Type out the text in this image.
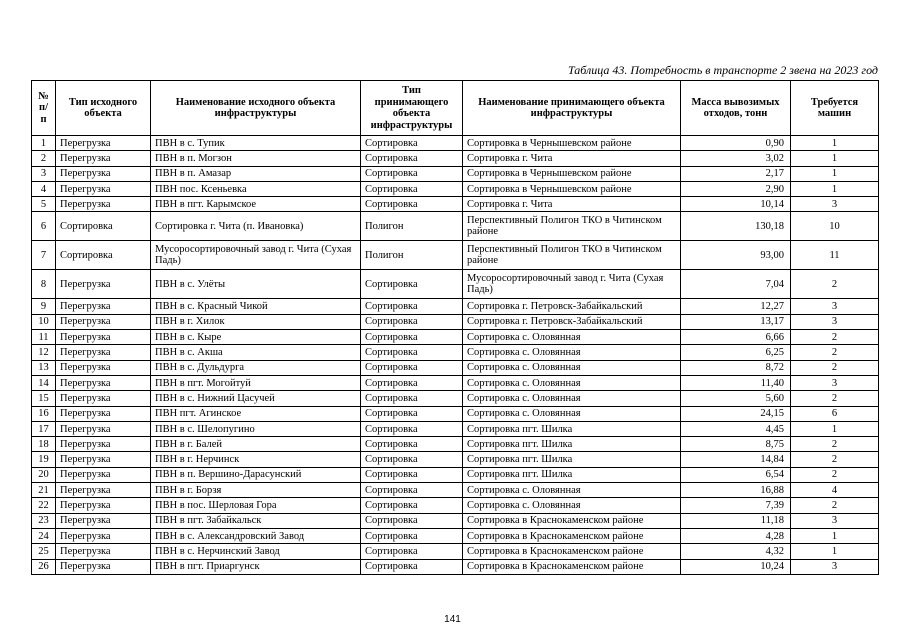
Таблица 43. Потребность в транспорте 2 звена на 2023 год
№ п/п	Тип исходного объекта	Наименование исходного объекта инфраструктуры	Тип принимающего объекта инфраструктуры	Наименование принимающего объекта инфраструктуры	Масса вывозимых отходов, тонн	Требуется машин
1	Перегрузка	ПВН в с. Тупик	Сортировка	Сортировка в Чернышевском районе	0,90	1
2	Перегрузка	ПВН в п. Могзон	Сортировка	Сортировка г. Чита	3,02	1
3	Перегрузка	ПВН в п. Амазар	Сортировка	Сортировка в Чернышевском районе	2,17	1
4	Перегрузка	ПВН пос. Ксеньевка	Сортировка	Сортировка в Чернышевском районе	2,90	1
5	Перегрузка	ПВН в пгт. Карымское	Сортировка	Сортировка г. Чита	10,14	3
6	Сортировка	Сортировка г. Чита (п. Ивановка)	Полигон	Перспективный Полигон ТКО в Читинском районе	130,18	10
7	Сортировка	Мусоросортировочный завод г. Чита (Сухая Падь)	Полигон	Перспективный Полигон ТКО в Читинском районе	93,00	11
8	Перегрузка	ПВН в с. Улёты	Сортировка	Мусоросортировочный завод г. Чита (Сухая Падь)	7,04	2
9	Перегрузка	ПВН в с. Красный Чикой	Сортировка	Сортировка г. Петровск-Забайкальский	12,27	3
10	Перегрузка	ПВН в г. Хилок	Сортировка	Сортировка г. Петровск-Забайкальский	13,17	3
11	Перегрузка	ПВН в с. Кыре	Сортировка	Сортировка с. Оловянная	6,66	2
12	Перегрузка	ПВН в с. Акша	Сортировка	Сортировка с. Оловянная	6,25	2
13	Перегрузка	ПВН в с. Дульдурга	Сортировка	Сортировка с. Оловянная	8,72	2
14	Перегрузка	ПВН в пгт. Могойтуй	Сортировка	Сортировка с. Оловянная	11,40	3
15	Перегрузка	ПВН в с. Нижний Цасучей	Сортировка	Сортировка с. Оловянная	5,60	2
16	Перегрузка	ПВН пгт. Агинское	Сортировка	Сортировка с. Оловянная	24,15	6
17	Перегрузка	ПВН в с. Шелопугино	Сортировка	Сортировка пгт. Шилка	4,45	1
18	Перегрузка	ПВН в г. Балей	Сортировка	Сортировка пгт. Шилка	8,75	2
19	Перегрузка	ПВН в г. Нерчинск	Сортировка	Сортировка пгт. Шилка	14,84	2
20	Перегрузка	ПВН в п. Вершино-Дарасунский	Сортировка	Сортировка пгт. Шилка	6,54	2
21	Перегрузка	ПВН в г. Борзя	Сортировка	Сортировка с. Оловянная	16,88	4
22	Перегрузка	ПВН в пос. Шерловая Гора	Сортировка	Сортировка с. Оловянная	7,39	2
23	Перегрузка	ПВН в пгт. Забайкальск	Сортировка	Сортировка в Краснокаменском районе	11,18	3
24	Перегрузка	ПВН в с. Александровский Завод	Сортировка	Сортировка в Краснокаменском районе	4,28	1
25	Перегрузка	ПВН в с. Нерчинский Завод	Сортировка	Сортировка в Краснокаменском районе	4,32	1
26	Перегрузка	ПВН в пгт. Приаргунск	Сортировка	Сортировка в Краснокаменском районе	10,24	3
141
